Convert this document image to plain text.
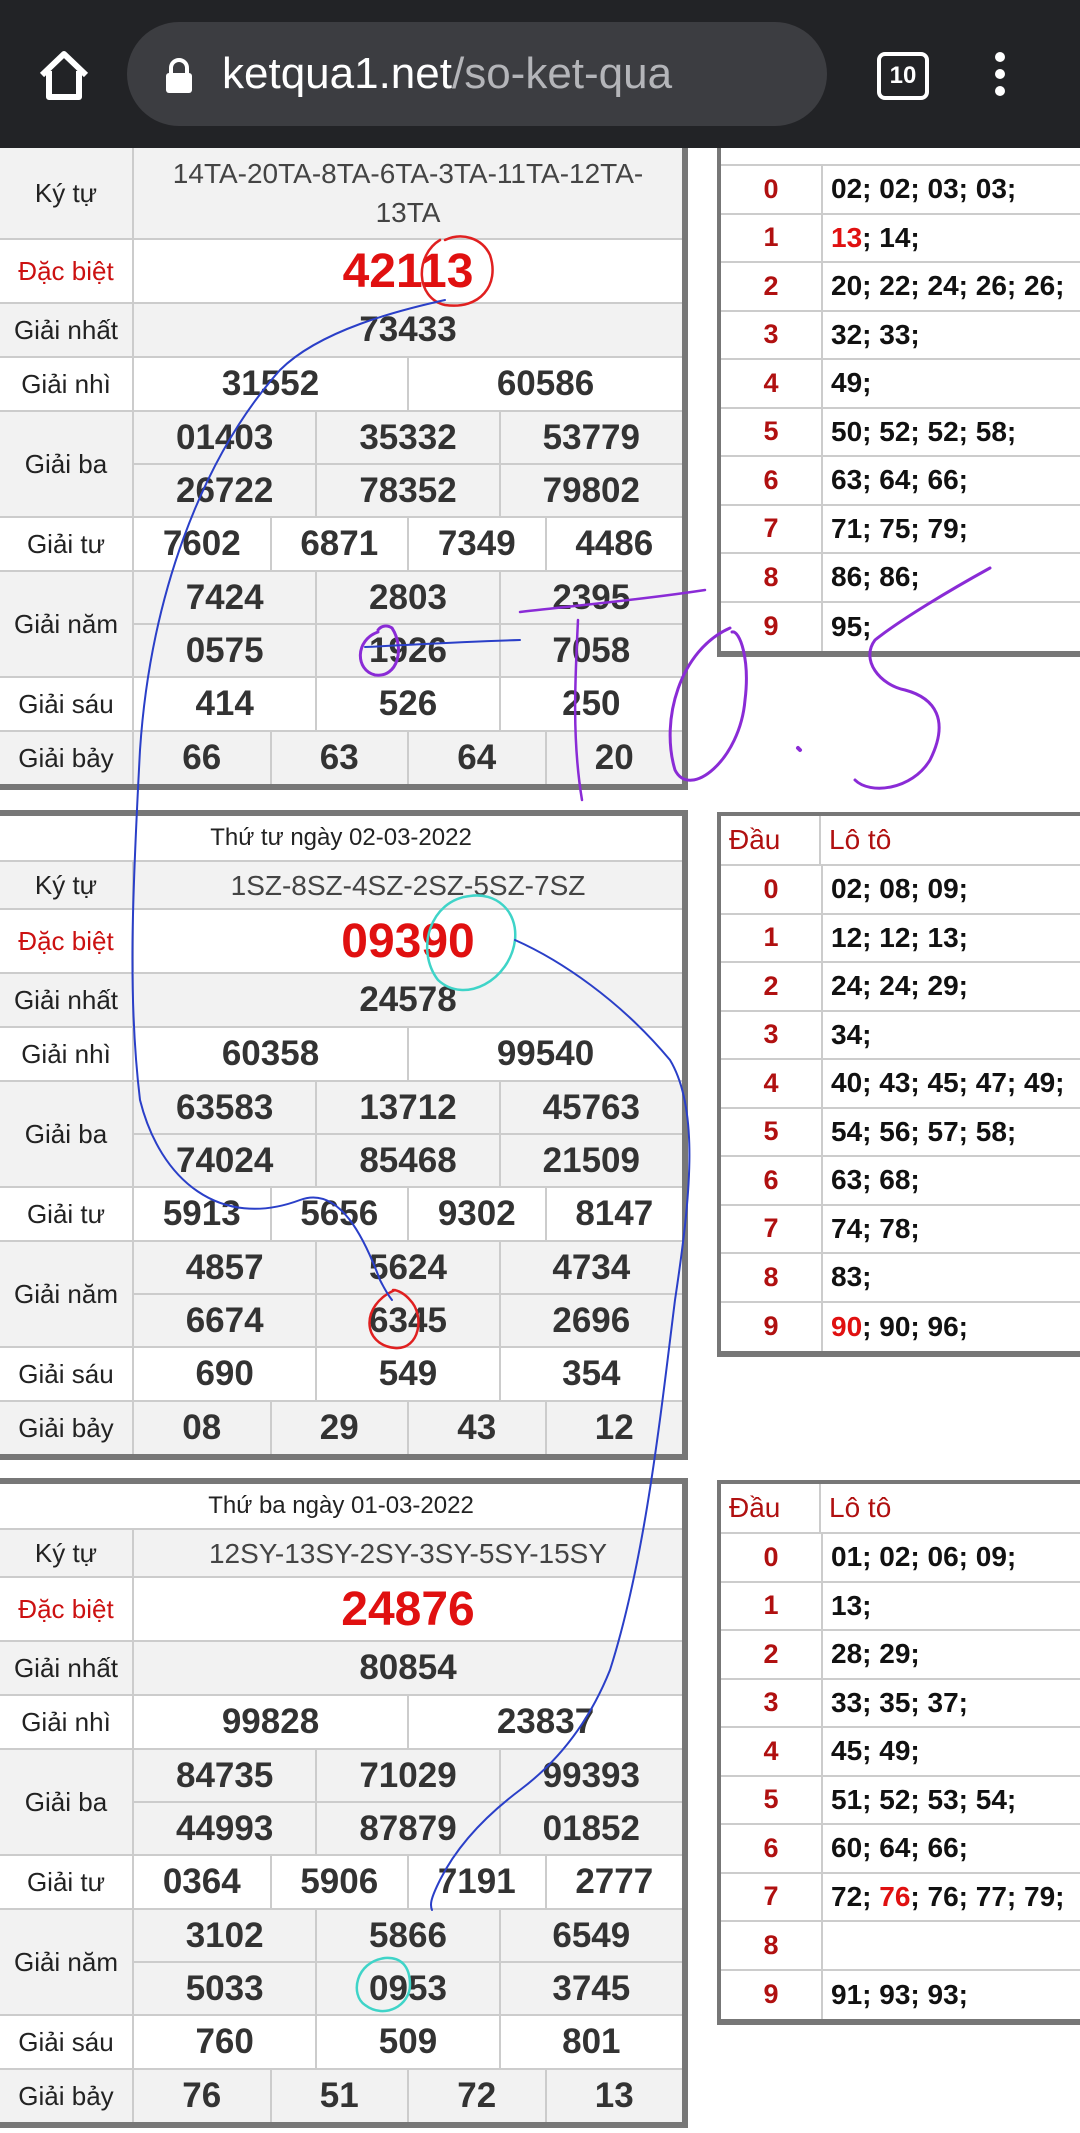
ketqua1.net/so-ket-qua	10
Ký tự
14TA-20TA-8TA-6TA-3TA-11TA-12TA-13TA
Đặc biệt	42113
Giải nhất	73433
Giải nhì	31552	60586
Giải ba
01403	35332	53779
26722	78352	79802
Giải tư	7602	6871	7349	4486
Giải năm
7424	2803	2395
0575	1926	7058
Giải sáu	414	526	250
Giải bảy	66	63	64	20
Thứ tư ngày 02-03-2022
Ký tự	1SZ-8SZ-4SZ-2SZ-5SZ-7SZ
Đặc biệt	09390
Giải nhất	24578
Giải nhì	60358	99540
Giải ba
63583	13712	45763
74024	85468	21509
Giải tư	5913	5656	9302	8147
Giải năm
4857	5624	4734
6674	6345	2696
Giải sáu	690	549	354
Giải bảy	08	29	43	12
Thứ ba ngày 01-03-2022
Ký tự	12SY-13SY-2SY-3SY-5SY-15SY
Đặc biệt	24876
Giải nhất	80854
Giải nhì	99828	23837
Giải ba
84735	71029	99393
44993	87879	01852
Giải tư	0364	5906	7191	2777
Giải năm
3102	5866	6549
5033	0953	3745
Giải sáu	760	509	801
Giải bảy	76	51	72	13
0	02; 02; 03; 03;
1	13 ; 14;
2	20; 22; 24; 26; 26;
3	32; 33;
4	49;
5	50; 52; 52; 58;
6	63; 64; 66;
7	71; 75; 79;
8	86; 86;
9	95;
Đầu	Lô tô
0	02; 08; 09;
1	12; 12; 13;
2	24; 24; 29;
3	34;
4	40; 43; 45; 47; 49;
5	54; 56; 57; 58;
6	63; 68;
7	74; 78;
8	83;
9	90 ; 90; 96;
Đầu	Lô tô
0	01; 02; 06; 09;
1	13;
2	28; 29;
3	33; 35; 37;
4	45; 49;
5	51; 52; 53; 54;
6	60; 64; 66;
7	72; 76 ; 76; 77; 79;
8
9	91; 93; 93;
